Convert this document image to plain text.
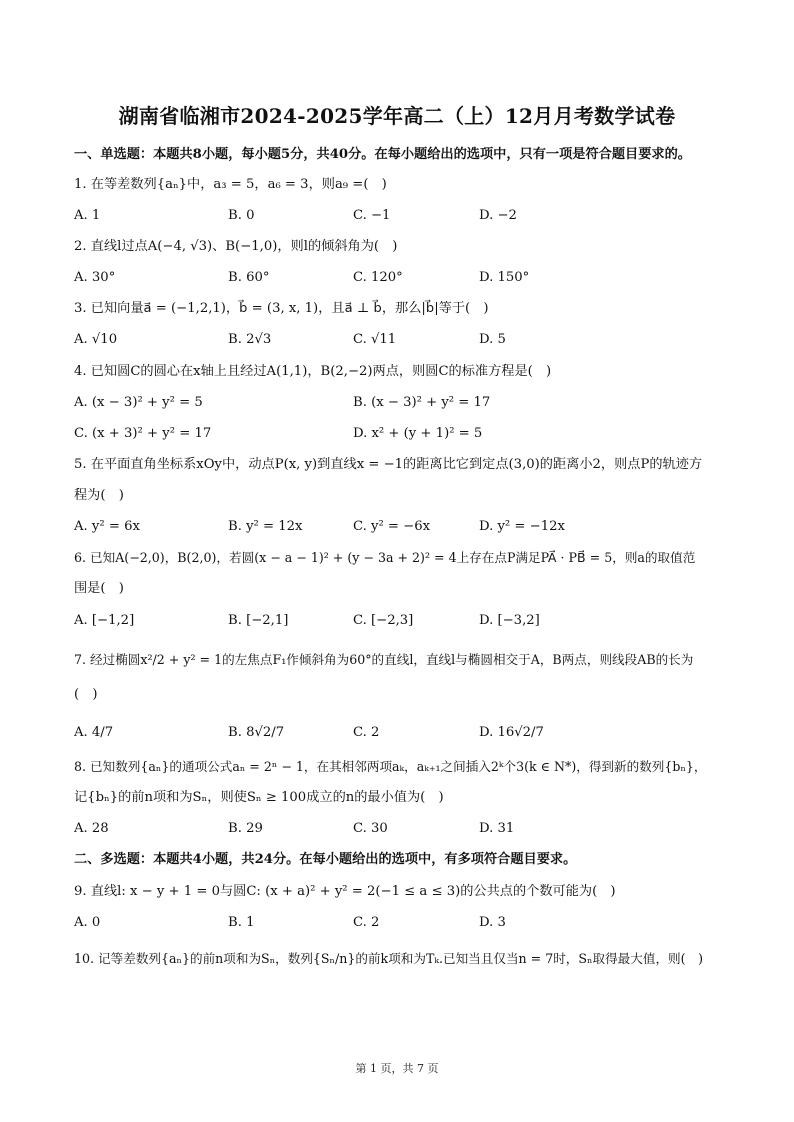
湖南省临湘市2024-2025学年高二（上）12月月考数学试卷
一、单选题：本题共8小题，每小题5分，共40分。在每小题给出的选项中，只有一项是符合题目要求的。
1. 在等差数列{aₙ}中，a₃ = 5，a₆ = 3，则a₉ =(　)
A. 1	B. 0	C. −1	D. −2
2. 直线l过点A(−4, √3)、B(−1,0)，则l的倾斜角为(　)
A. 30°	B. 60°	C. 120°	D. 150°
3. 已知向量a⃗ = (−1,2,1)，b⃗ = (3, x, 1)，且a⃗ ⊥ b⃗，那么|b⃗|等于(　)
A. √10	B. 2√3	C. √11	D. 5
4. 已知圆C的圆心在x轴上且经过A(1,1)，B(2,−2)两点，则圆C的标准方程是(　)
A. (x − 3)² + y² = 5	B. (x − 3)² + y² = 17
C. (x + 3)² + y² = 17	D. x² + (y + 1)² = 5
5. 在平面直角坐标系xOy中，动点P(x, y)到直线x = −1的距离比它到定点(3,0)的距离小2，则点P的轨迹方
程为(　)
A. y² = 6x	B. y² = 12x	C. y² = −6x	D. y² = −12x
6. 已知A(−2,0)，B(2,0)，若圆(x − a − 1)² + (y − 3a + 2)² = 4上存在点P满足PA⃗ · PB⃗ = 5，则a的取值范
围是(　)
A. [−1,2]	B. [−2,1]	C. [−2,3]	D. [−3,2]
7. 经过椭圆x²/2 + y² = 1的左焦点F₁作倾斜角为60°的直线l，直线l与椭圆相交于A，B两点，则线段AB的长为
(　)
A. 4/7	B. 8√2/7	C. 2	D. 16√2/7
8. 已知数列{aₙ}的通项公式aₙ = 2ⁿ − 1，在其相邻两项aₖ，aₖ₊₁之间插入2ᵏ个3(k ∈ N*)，得到新的数列{bₙ}，
记{bₙ}的前n项和为Sₙ，则使Sₙ ≥ 100成立的n的最小值为(　)
A. 28	B. 29	C. 30	D. 31
二、多选题：本题共4小题，共24分。在每小题给出的选项中，有多项符合题目要求。
9. 直线l: x − y + 1 = 0与圆C: (x + a)² + y² = 2(−1 ≤ a ≤ 3)的公共点的个数可能为(　)
A. 0	B. 1	C. 2	D. 3
10. 记等差数列{aₙ}的前n项和为Sₙ，数列{Sₙ/n}的前k项和为Tₖ.已知当且仅当n = 7时，Sₙ取得最大值，则(　)
第 1 页，共 7 页
